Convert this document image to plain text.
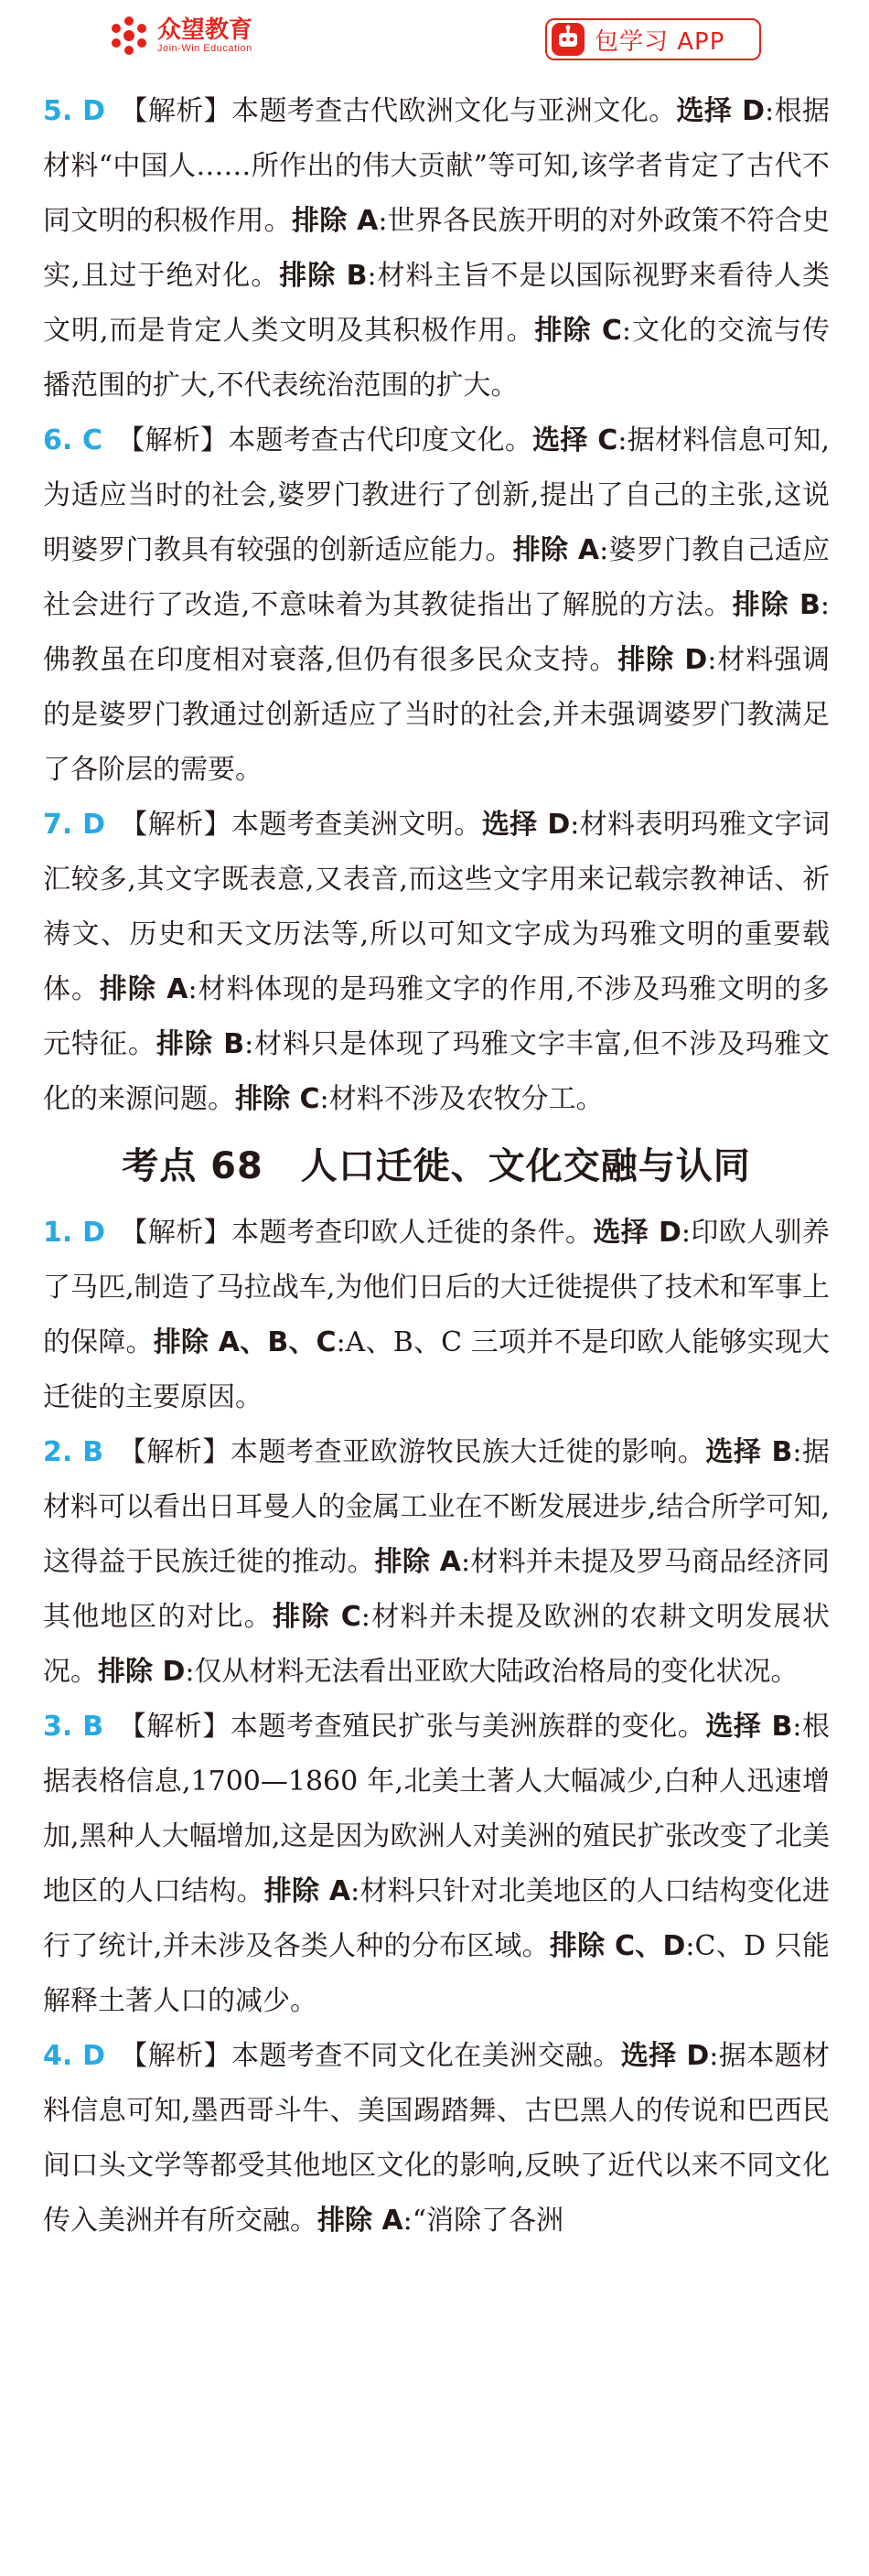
众望教育
Join-Win Education	包学习 APP
5. D 【解析】本题考查古代欧洲文化与亚洲文化。选择 D:根据材料“中国人……所作出的伟大贡献”等可知,该学者肯定了古代不同文明的积极作用。排除 A:世界各民族开明的对外政策不符合史实,且过于绝对化。排除 B:材料主旨不是以国际视野来看待人类文明,而是肯定人类文明及其积极作用。排除 C:文化的交流与传播范围的扩大,不代表统治范围的扩大。
6. C 【解析】本题考查古代印度文化。选择 C:据材料信息可知,为适应当时的社会,婆罗门教进行了创新,提出了自己的主张,这说明婆罗门教具有较强的创新适应能力。排除 A:婆罗门教自己适应社会进行了改造,不意味着为其教徒指出了解脱的方法。排除 B:佛教虽在印度相对衰落,但仍有很多民众支持。排除 D:材料强调的是婆罗门教通过创新适应了当时的社会,并未强调婆罗门教满足了各阶层的需要。
7. D 【解析】本题考查美洲文明。选择 D:材料表明玛雅文字词汇较多,其文字既表意,又表音,而这些文字用来记载宗教神话、祈祷文、历史和天文历法等,所以可知文字成为玛雅文明的重要载体。排除 A:材料体现的是玛雅文字的作用,不涉及玛雅文明的多元特征。排除 B:材料只是体现了玛雅文字丰富,但不涉及玛雅文化的来源问题。排除 C:材料不涉及农牧分工。
考点 68　人口迁徙、文化交融与认同
1. D 【解析】本题考查印欧人迁徙的条件。选择 D:印欧人驯养了马匹,制造了马拉战车,为他们日后的大迁徙提供了技术和军事上的保障。排除 A、B、C:A、B、C 三项并不是印欧人能够实现大迁徙的主要原因。
2. B 【解析】本题考查亚欧游牧民族大迁徙的影响。选择 B:据材料可以看出日耳曼人的金属工业在不断发展进步,结合所学可知,这得益于民族迁徙的推动。排除 A:材料并未提及罗马商品经济同其他地区的对比。排除 C:材料并未提及欧洲的农耕文明发展状况。排除 D:仅从材料无法看出亚欧大陆政治格局的变化状况。
3. B 【解析】本题考查殖民扩张与美洲族群的变化。选择 B:根据表格信息,1700—1860 年,北美土著人大幅减少,白种人迅速增加,黑种人大幅增加,这是因为欧洲人对美洲的殖民扩张改变了北美地区的人口结构。排除 A:材料只针对北美地区的人口结构变化进行了统计,并未涉及各类人种的分布区域。排除 C、D:C、D 只能解释土著人口的减少。
4. D 【解析】本题考查不同文化在美洲交融。选择 D:据本题材料信息可知,墨西哥斗牛、美国踢踏舞、古巴黑人的传说和巴西民间口头文学等都受其他地区文化的影响,反映了近代以来不同文化传入美洲并有所交融。排除 A:“消除了各洲
